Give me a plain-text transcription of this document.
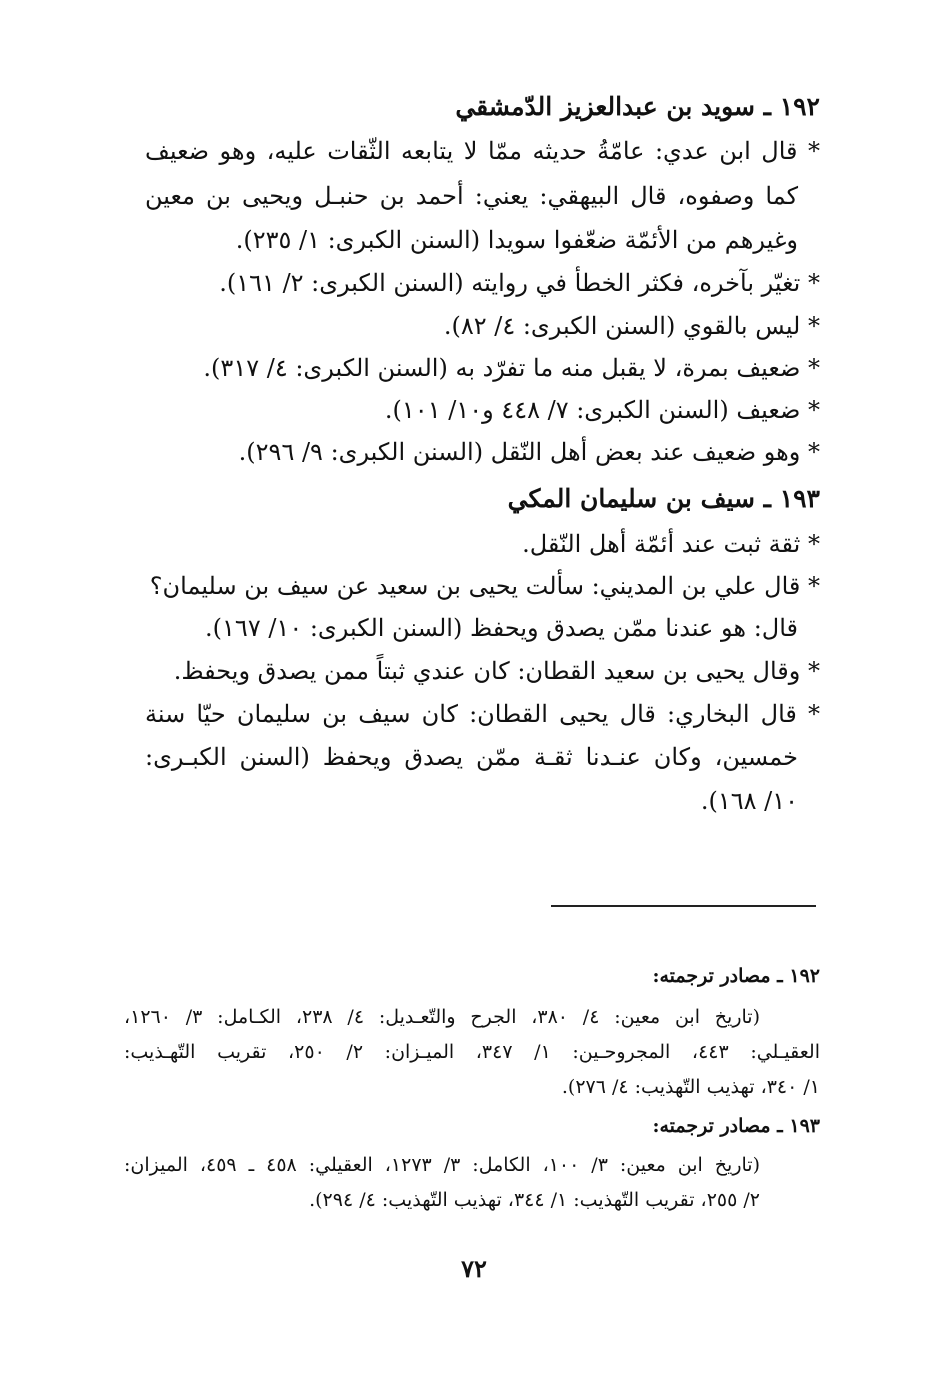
١٩٢ ـ سويد بن عبدالعزيز الدّمشقي
* قال ابن عدي: عامّةُ حديثه ممّا لا يتابعه الثّقات عليه، وهو ضعيف
كما وصفوه، قال البيهقي: يعني: أحمد بن حنبـل ويحيى بن معين
وغيرهم من الأئمّة ضعّفوا سويدا (السنن الكبرى: ١/ ٢٣٥).
* تغيّر بآخره، فكثر الخطأ في روايته (السنن الكبرى: ٢/ ١٦١).
* ليس بالقوي (السنن الكبرى: ٤/ ٨٢).
* ضعيف بمرة، لا يقبل منه ما تفرّد به (السنن الكبرى: ٤/ ٣١٧).
* ضعيف (السنن الكبرى: ٧/ ٤٤٨ و١٠/ ١٠١).
* وهو ضعيف عند بعض أهل النّقل (السنن الكبرى: ٩/ ٢٩٦).
١٩٣ ـ سيف بن سليمان المكي
* ثقة ثبت عند أئمّة أهل النّقل.
* قال علي بن المديني: سألت يحيى بن سعيد عن سيف بن سليمان؟
قال: هو عندنا ممّن يصدق ويحفظ (السنن الكبرى: ١٠/ ١٦٧).
* وقال يحيى بن سعيد القطان: كان عندي ثبتاً ممن يصدق ويحفظ.
* قال البخاري: قال يحيى القطان: كان سيف بن سليمان حيّا سنة
خمسين، وكان عنـدنا ثقـة ممّن يصدق ويحفظ (السنن الكبـرى:
١٠/ ١٦٨).
١٩٢ ـ مصادر ترجمته:
(تاريخ ابن معين: ٤/ ٣٨٠، الجرح والتّعـديل: ٤/ ٢٣٨، الكـامل: ٣/ ١٢٦٠،
العقيـلي: ٤٤٣، المجروحـين: ١/ ٣٤٧، الميـزان: ٢/ ٢٥٠، تقريب التّهـذيب:
١/ ٣٤٠، تهذيب التّهذيب: ٤/ ٢٧٦).
١٩٣ ـ مصادر ترجمته:
(تاريخ ابن معين: ٣/ ١٠٠، الكامل: ٣/ ١٢٧٣، العقيلي: ٤٥٨ ـ ٤٥٩، الميزان:
٢/ ٢٥٥، تقريب التّهذيب: ١/ ٣٤٤، تهذيب التّهذيب: ٤/ ٢٩٤).
٧٢
